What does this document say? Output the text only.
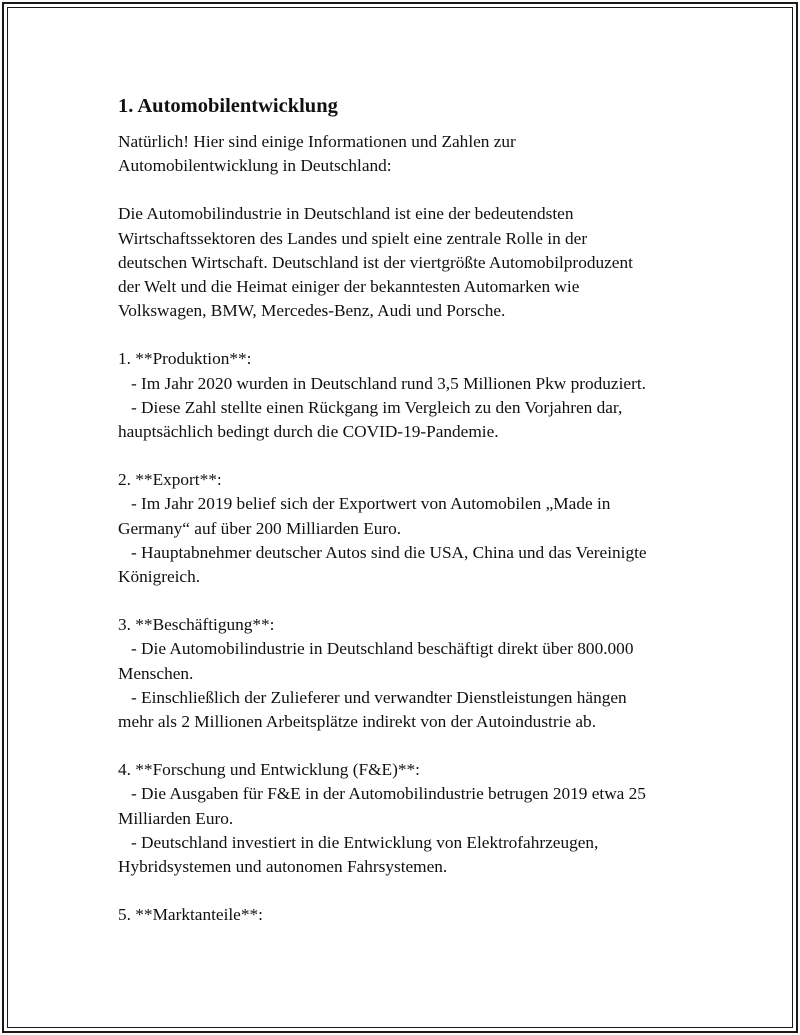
1. Automobilentwicklung
Natürlich! Hier sind einige Informationen und Zahlen zur
Automobilentwicklung in Deutschland:
Die Automobilindustrie in Deutschland ist eine der bedeutendsten
Wirtschaftssektoren des Landes und spielt eine zentrale Rolle in der
deutschen Wirtschaft. Deutschland ist der viertgrößte Automobilproduzent
der Welt und die Heimat einiger der bekanntesten Automarken wie
Volkswagen, BMW, Mercedes-Benz, Audi und Porsche.
1. **Produktion**:
- Im Jahr 2020 wurden in Deutschland rund 3,5 Millionen Pkw produziert.
- Diese Zahl stellte einen Rückgang im Vergleich zu den Vorjahren dar,
hauptsächlich bedingt durch die COVID-19-Pandemie.
2. **Export**:
- Im Jahr 2019 belief sich der Exportwert von Automobilen „Made in
Germany“ auf über 200 Milliarden Euro.
- Hauptabnehmer deutscher Autos sind die USA, China und das Vereinigte
Königreich.
3. **Beschäftigung**:
- Die Automobilindustrie in Deutschland beschäftigt direkt über 800.000
Menschen.
- Einschließlich der Zulieferer und verwandter Dienstleistungen hängen
mehr als 2 Millionen Arbeitsplätze indirekt von der Autoindustrie ab.
4. **Forschung und Entwicklung (F&E)**:
- Die Ausgaben für F&E in der Automobilindustrie betrugen 2019 etwa 25
Milliarden Euro.
- Deutschland investiert in die Entwicklung von Elektrofahrzeugen,
Hybridsystemen und autonomen Fahrsystemen.
5. **Marktanteile**:
